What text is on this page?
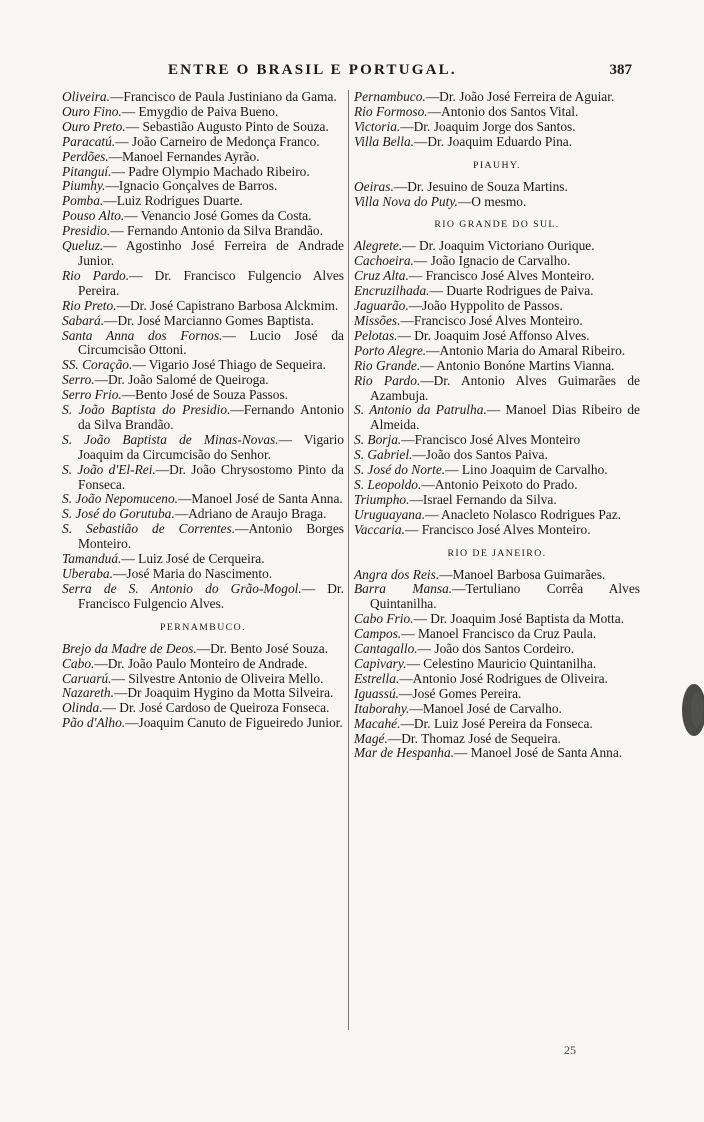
ENTRE O BRASIL E PORTUGAL.	387

Oliveira.—Francisco de Paula Justiniano da Gama.

Ouro Fino.— Emygdio de Paiva Bueno.

Ouro Preto.— Sebastião Augusto Pinto de Souza.

Paracatú.— João Carneiro de Medonça Franco.

Perdões.—Manoel Fernandes Ayrão.

Pitanguí.— Padre Olympio Machado Ribeiro.

Piumhy.—Ignacio Gonçalves de Barros.

Pomba.—Luiz Rodrigues Duarte.

Pouso Alto.— Venancio José Gomes da Costa.

Presidio.— Fernando Antonio da Silva Brandão.

Queluz.— Agostinho José Ferreira de Andrade Junior.

Rio Pardo.— Dr. Francisco Fulgencio Alves Pereira.

Rio Preto.—Dr. José Capistrano Barbosa Alckmim.

Sabará.—Dr. José Marcianno Gomes Baptista.

Santa Anna dos Fornos.— Lucio José da Circumcisão Ottoni.

SS. Coração.— Vigario José Thiago de Sequeira.

Serro.—Dr. João Salomé de Queiroga.

Serro Frio.—Bento José de Souza Passos.

S. João Baptista do Presidio.—Fernando Antonio da Silva Brandão.

S. João Baptista de Minas-Novas.— Vigario Joaquim da Circumcisão do Senhor.

S. João d'El-Rei.—Dr. João Chrysostomo Pinto da Fonseca.

S. João Nepomuceno.—Manoel José de Santa Anna.

S. José do Gorutuba.—Adriano de Araujo Braga.

S. Sebastião de Correntes.—Antonio Borges Monteiro.

Tamanduá.— Luiz José de Cerqueira.

Uberaba.—José Maria do Nascimento.

Serra de S. Antonio do Grão-Mogol.— Dr. Francisco Fulgencio Alves.

PERNAMBUCO.

Brejo da Madre de Deos.—Dr. Bento José Souza.

Cabo.—Dr. João Paulo Monteiro de Andrade.

Caruarú.— Silvestre Antonio de Oliveira Mello.

Nazareth.—Dr Joaquim Hygino da Motta Silveira.

Olinda.— Dr. José Cardoso de Queiroza Fonseca.

Pão d'Alho.—Joaquim Canuto de Figueiredo Junior.

Pernambuco.—Dr. João José Ferreira de Aguiar.

Rio Formoso.—Antonio dos Santos Vital.

Victoria.—Dr. Joaquim Jorge dos Santos.

Villa Bella.—Dr. Joaquim Eduardo Pina.

PIAUHY.

Oeiras.—Dr. Jesuino de Souza Martins.

Villa Nova do Puty.—O mesmo.

RIO GRANDE DO SUL.

Alegrete.— Dr. Joaquim Victoriano Ourique.

Cachoeira.— João Ignacio de Carvalho.

Cruz Alta.— Francisco José Alves Monteiro.

Encruzilhada.— Duarte Rodrigues de Paiva.

Jaguarão.—João Hyppolito de Passos.

Missões.—Francisco José Alves Monteiro.

Pelotas.— Dr. Joaquim José Affonso Alves.

Porto Alegre.—Antonio Maria do Amaral Ribeiro.

Rio Grande.— Antonio Bonóne Martins Vianna.

Rio Pardo.—Dr. Antonio Alves Guimarães de Azambuja.

S. Antonio da Patrulha.— Manoel Dias Ribeiro de Almeida.

S. Borja.—Francisco José Alves Monteiro

S. Gabriel.—João dos Santos Paiva.

S. José do Norte.— Lino Joaquim de Carvalho.

S. Leopoldo.—Antonio Peixoto do Prado.

Triumpho.—Israel Fernando da Silva.

Uruguayana.— Anacleto Nolasco Rodrigues Paz.

Vaccaria.— Francisco José Alves Monteiro.

RIO DE JANEIRO.

Angra dos Reis.—Manoel Barbosa Guimarães.

Barra Mansa.—Tertuliano Corrêa Alves Quintanilha.

Cabo Frio.— Dr. Joaquim José Baptista da Motta.

Campos.— Manoel Francisco da Cruz Paula.

Cantagallo.— João dos Santos Cordeiro.

Capivary.— Celestino Mauricio Quintanilha.

Estrella.—Antonio José Rodrigues de Oliveira.

Iguassú.—José Gomes Pereira.

Itaborahy.—Manoel José de Carvalho.

Macahé.—Dr. Luiz José Pereira da Fonseca.

Magé.—Dr. Thomaz José de Sequeira.

Mar de Hespanha.— Manoel José de Santa Anna.

25
